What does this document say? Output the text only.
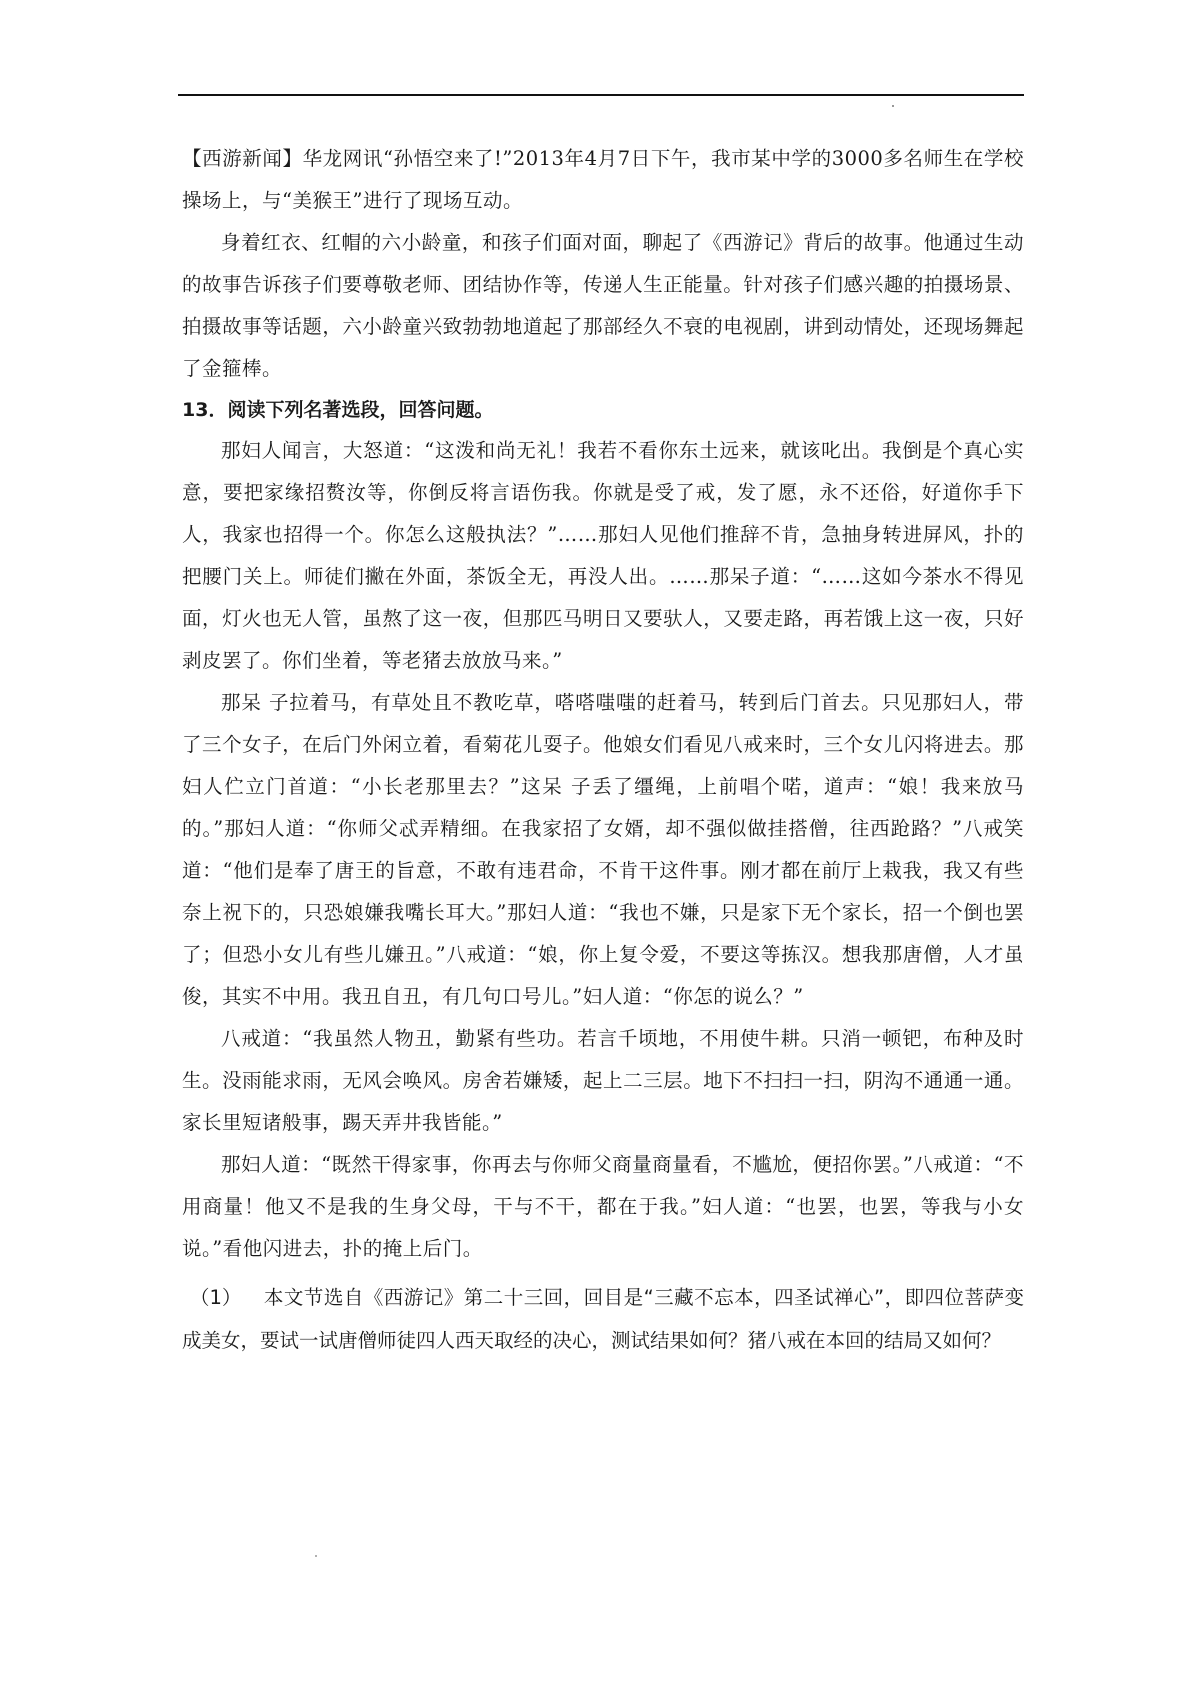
【西游新闻】华龙网讯“孙悟空来了!”2013年4月7日下午，我市某中学的3000多名师生在学校操场上，与“美猴王”进行了现场互动。

身着红衣、红帽的六小龄童，和孩子们面对面，聊起了《西游记》背后的故事。他通过生动的故事告诉孩子们要尊敬老师、团结协作等，传递人生正能量。针对孩子们感兴趣的拍摄场景、拍摄故事等话题，六小龄童兴致勃勃地道起了那部经久不衰的电视剧，讲到动情处，还现场舞起了金箍棒。

13．阅读下列名著选段，回答问题。

那妇人闻言，大怒道：“这泼和尚无礼！我若不看你东土远来，就该叱出。我倒是个真心实意，要把家缘招赘汝等，你倒反将言语伤我。你就是受了戒，发了愿，永不还俗，好道你手下人，我家也招得一个。你怎么这般执法？”……那妇人见他们推辞不肯，急抽身转进屏风，扑的把腰门关上。师徒们撇在外面，茶饭全无，再没人出。……那呆子道：“……这如今茶水不得见面，灯火也无人管，虽熬了这一夜，但那匹马明日又要驮人，又要走路，再若饿上这一夜，只好剥皮罢了。你们坐着，等老猪去放放马来。”

那呆 子拉着马，有草处且不教吃草，嗒嗒嗤嗤的赶着马，转到后门首去。只见那妇人，带了三个女子，在后门外闲立着，看菊花儿耍子。他娘女们看见八戒来时，三个女儿闪将进去。那妇人伫立门首道：“小长老那里去？”这呆 子丢了缰绳，上前唱个喏，道声：“娘！我来放马的。”那妇人道：“你师父忒弄精细。在我家招了女婿，却不强似做挂搭僧，往西跄路？”八戒笑道：“他们是奉了唐王的旨意，不敢有违君命，不肯干这件事。刚才都在前厅上栽我，我又有些奈上祝下的，只恐娘嫌我嘴长耳大。”那妇人道：“我也不嫌，只是家下无个家长，招一个倒也罢了；但恐小女儿有些儿嫌丑。”八戒道：“娘，你上复令爱，不要这等拣汉。想我那唐僧，人才虽俊，其实不中用。我丑自丑，有几句口号儿。”妇人道：“你怎的说么？”

八戒道：“我虽然人物丑，勤紧有些功。若言千顷地，不用使牛耕。只消一顿钯，布种及时生。没雨能求雨，无风会唤风。房舍若嫌矮，起上二三层。地下不扫扫一扫，阴沟不通通一通。家长里短诸般事，踢天弄井我皆能。”

那妇人道：“既然干得家事，你再去与你师父商量商量看，不尴尬，便招你罢。”八戒道：“不用商量！他又不是我的生身父母，干与不干，都在于我。”妇人道：“也罢，也罢，等我与小女说。”看他闪进去，扑的掩上后门。

（1） 本文节选自《西游记》第二十三回，回目是“三藏不忘本，四圣试禅心”，即四位菩萨变成美女，要试一试唐僧师徒四人西天取经的决心，测试结果如何？猪八戒在本回的结局又如何？
